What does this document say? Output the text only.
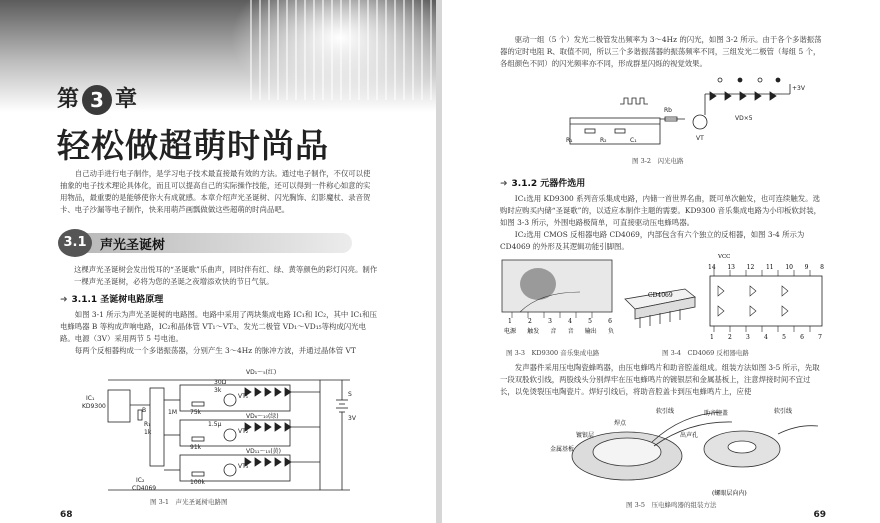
第 3 章
轻松做超萌时尚品
自己动手进行电子制作，是学习电子技术最直接最有效的方法。通过电子制作，不仅可以使抽象的电子技术理论具体化，而且可以提高自己的实际操作技能，还可以得到一件称心如意的实用物品，最重要的是能够使你大有成就感。本章介绍声光圣诞树、闪光胸饰、幻影魔杖、录音贺卡、电子沙漏等电子制作，快来用萌芦画瓢做做这些超萌的时尚品吧。
3.1	声光圣诞树
这棵声光圣诞树会发出悦耳的“圣诞歌”乐曲声，同时伴有红、绿、黄等颜色的彩灯闪亮。制作一棵声光圣诞树，必将为您的圣诞之夜增添欢快的节日气氛。
➜ 3.1.1 圣诞树电路原理

如图 3-1 所示为声光圣诞树的电路图。电路中采用了两块集成电路 IC₁和 IC₂，其中 IC₁和压电蜂鸣器 B 等构成声响电路，IC₂和晶体管 VT₁～VT₃、发光二极管 VD₁～VD₁₅等构成闪光电路。电源（3V）采用两节 5 号电池。

每两个反相器构成一个多谐振荡器，分别产生 3～4Hz 的脉冲方波，并通过晶体管 VT

IC₁
KD9300
IC₂
CD4069
R₁
1k
B
VD₁～₅(红)
VD₆～₁₀(绿)
VD₁₁～₁₅(黄)
S
3V
VT₁
VT₂
VT₃
75k
91k
100k
1M
3k
30Ω
1.5μ
图 3-1　声光圣诞树电路图
68

驱动一组（5 个）发光二极管发出频率为 3～4Hz 的闪光，如图 3-2 所示。由于各个多谐振荡器的定时电阻 R、取值不同，所以三个多谐振荡器的振荡频率不同，三组发光二极管（每组 5 个，各组颜色不同）的闪光频率亦不同，形成群星闪烁的视觉效果。

+3V
VD×5
VT
Rb
R₁	R₂	C₁
图 3-2　闪光电路
➜ 3.1.2 元器件选用

IC₁选用 KD9300 系列音乐集成电路，内储一首世界名曲，既可单次触发，也可连续触发。选购时应购买内储“圣诞歌”的，以适应本制作主题的需要。KD9300 音乐集成电路为小印板软封装，如图 3-3 所示，外围电路极简单，可直接驱动压电蜂鸣器。

IC₂选用 CMOS 反相器电路 CD4069，内部包含有六个独立的反相器，如图 3-4 所示为 CD4069 的外形及其逻辑功能引脚图。

1	2	3	4	5	6
电源 触发 音 音 输出 负
图 3-3　KD9300 音乐集成电路
CD4069
VCC
14 13 12 11 10 9 8
1 2 3 4 5 6 7
图 3-4　CD4069 反相器电路

发声器件采用压电陶瓷蜂鸣器，由压电蜂鸣片和助音腔盖组成。组装方法如图 3-5 所示，先取一段双股软引线，两股线头分别焊牢在压电蜂鸣片的镀银层和金属基板上，注意焊接时间不宜过长，以免烫裂压电陶瓷片。焊好引线后，将助音腔盖卡到压电蜂鸣片上，应使

焊点
镀银层
金属基板
软引线	助音腔盖
出声孔
软引线
(螺眼层向内)
图 3-5　压电蜂鸣器的组装方法
69
